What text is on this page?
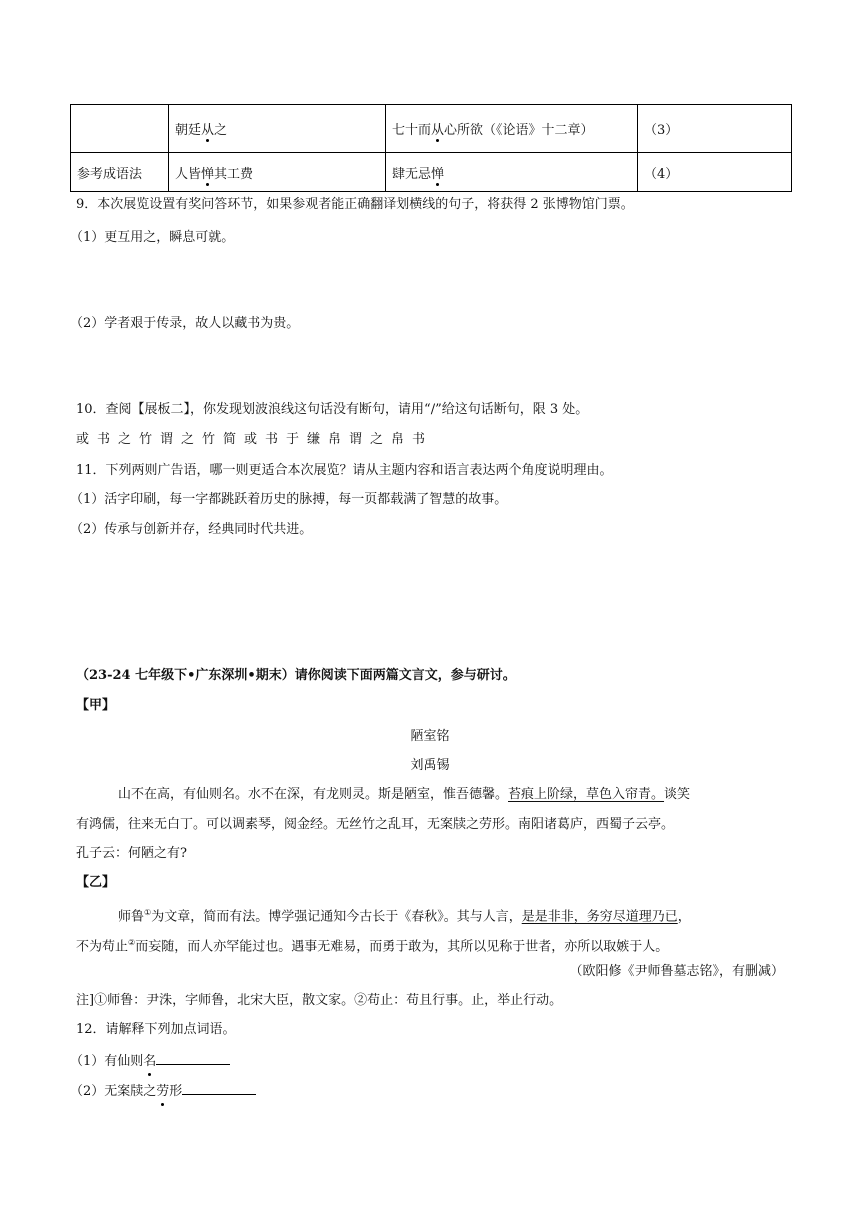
	朝廷从之	七十而从心所欲（《论语》十二章）	（3）
参考成语法	人皆惮其工费	肆无忌惮	（4）
9．本次展览设置有奖问答环节，如果参观者能正确翻译划横线的句子，将获得 2 张博物馆门票。
（1）更互用之，瞬息可就。
（2）学者艰于传录，故人以藏书为贵。
10．查阅【展板二】，你发现划波浪线这句话没有断句，请用“/”给这句话断句，限 3 处。
或 书 之 竹 谓 之 竹 简 或 书 于 缣 帛 谓 之 帛 书
11．下列两则广告语，哪一则更适合本次展览？请从主题内容和语言表达两个角度说明理由。
（1）活字印刷，每一字都跳跃着历史的脉搏，每一页都载满了智慧的故事。
（2）传承与创新并存，经典同时代共进。
（23-24 七年级下•广东深圳•期末）请你阅读下面两篇文言文，参与研讨。
【甲】
陋室铭
刘禹锡
山不在高，有仙则名。水不在深，有龙则灵。斯是陋室，惟吾德馨。苔痕上阶绿，草色入帘青。谈笑
有鸿儒，往来无白丁。可以调素琴，阅金经。无丝竹之乱耳，无案牍之劳形。南阳诸葛庐，西蜀子云亭。
孔子云：何陋之有?
【乙】
师鲁①为文章，简而有法。博学强记通知今古长于《春秋》。其与人言，是是非非，务穷尽道理乃已，
不为苟止②而妄随，而人亦罕能过也。遇事无难易，而勇于敢为，其所以见称于世者，亦所以取嫉于人。
（欧阳修《尹师鲁墓志铭》，有删减）
注]①师鲁：尹洙，字师鲁，北宋大臣，散文家。②苟止：苟且行事。止，举止行动。
12．请解释下列加点词语。
（1）有仙则名
（2）无案牍之劳形
